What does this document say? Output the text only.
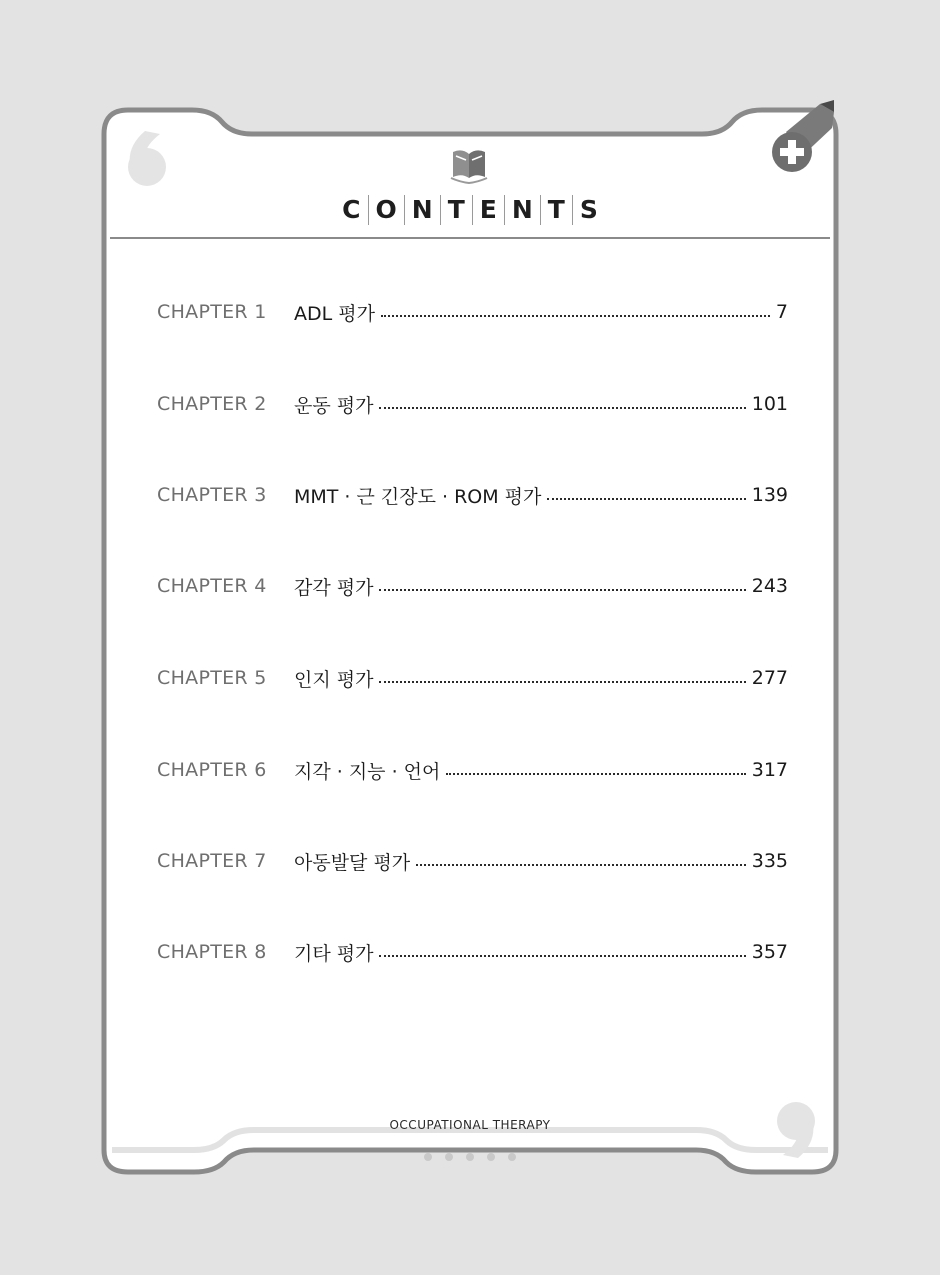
C O N T E N T S
CHAPTER 1	ADL 평가	7
CHAPTER 2	운동 평가	101
CHAPTER 3	MMT · 근 긴장도 · ROM 평가	139
CHAPTER 4	감각 평가	243
CHAPTER 5	인지 평가	277
CHAPTER 6	지각 · 지능 · 언어	317
CHAPTER 7	아동발달 평가	335
CHAPTER 8	기타 평가	357
OCCUPATIONAL THERAPY
